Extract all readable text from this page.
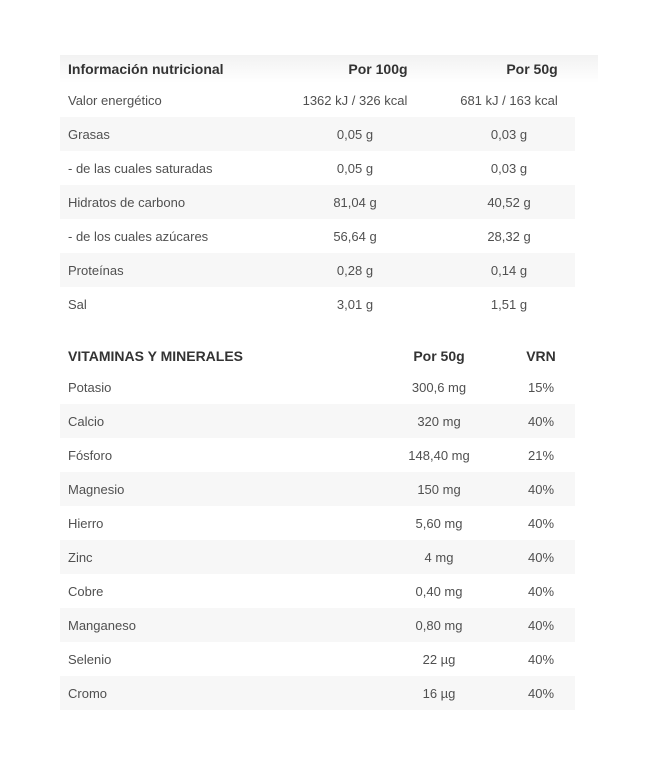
Información nutricional	Por 100g	Por 50g
Valor energético	1362 kJ / 326 kcal	681 kJ / 163 kcal
Grasas	0,05 g	0,03 g
- de las cuales saturadas	0,05 g	0,03 g
Hidratos de carbono	81,04 g	40,52 g
- de los cuales azúcares	56,64 g	28,32 g
Proteínas	0,28 g	0,14 g
Sal	3,01 g	1,51 g
VITAMINAS Y MINERALES	Por 50g	VRN
Potasio	300,6 mg	15%
Calcio	320 mg	40%
Fósforo	148,40 mg	21%
Magnesio	150 mg	40%
Hierro	5,60 mg	40%
Zinc	4 mg	40%
Cobre	0,40 mg	40%
Manganeso	0,80 mg	40%
Selenio	22 µg	40%
Cromo	16 µg	40%
